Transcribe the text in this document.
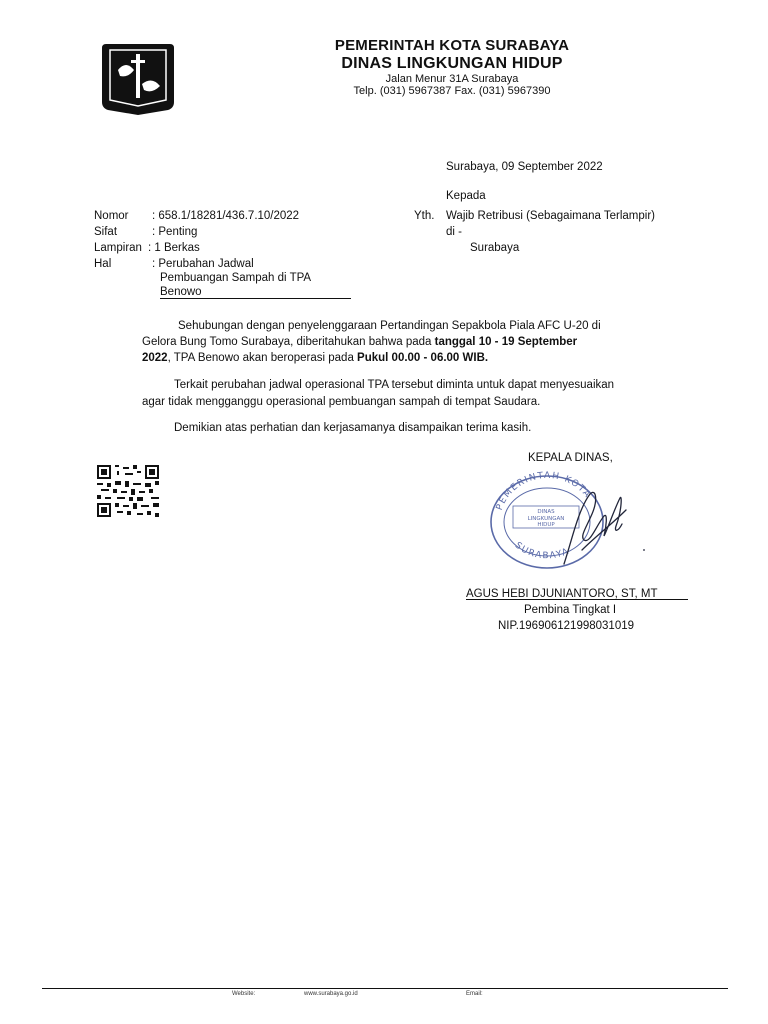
PEMERINTAH KOTA SURABAYA
DINAS LINGKUNGAN HIDUP
Jalan Menur 31A Surabaya
Telp. (031) 5967387 Fax. (031) 5967390
Surabaya, 09 September 2022
Kepada
Yth. Wajib Retribusi (Sebagaimana Terlampir)
di -
Surabaya
Nomor	: 658.1/18281/436.7.10/2022
Sifat	: Penting
Lampiran : 1 Berkas
Hal	: Perubahan Jadwal
Pembuangan Sampah di TPA
Benowo
Sehubungan dengan penyelenggaraan Pertandingan Sepakbola Piala AFC U-20 di
Gelora Bung Tomo Surabaya, diberitahukan bahwa pada tanggal 10 - 19 September
2022, TPA Benowo akan beroperasi pada Pukul 00.00 - 06.00 WIB.
Terkait perubahan jadwal operasional TPA tersebut diminta untuk dapat menyesuaikan
agar tidak mengganggu operasional pembuangan sampah di tempat Saudara.
Demikian atas perhatian dan kerjasamanya disampaikan terima kasih.
KEPALA DINAS,
PEMERINTAH KOTA
SURABAYA
DINAS
LINGKUNGAN
HIDUP
AGUS HEBI DJUNIANTORO, ST, MT
Pembina Tingkat I
NIP.196906121998031019
Website:	www.surabaya.go.id	Email:
